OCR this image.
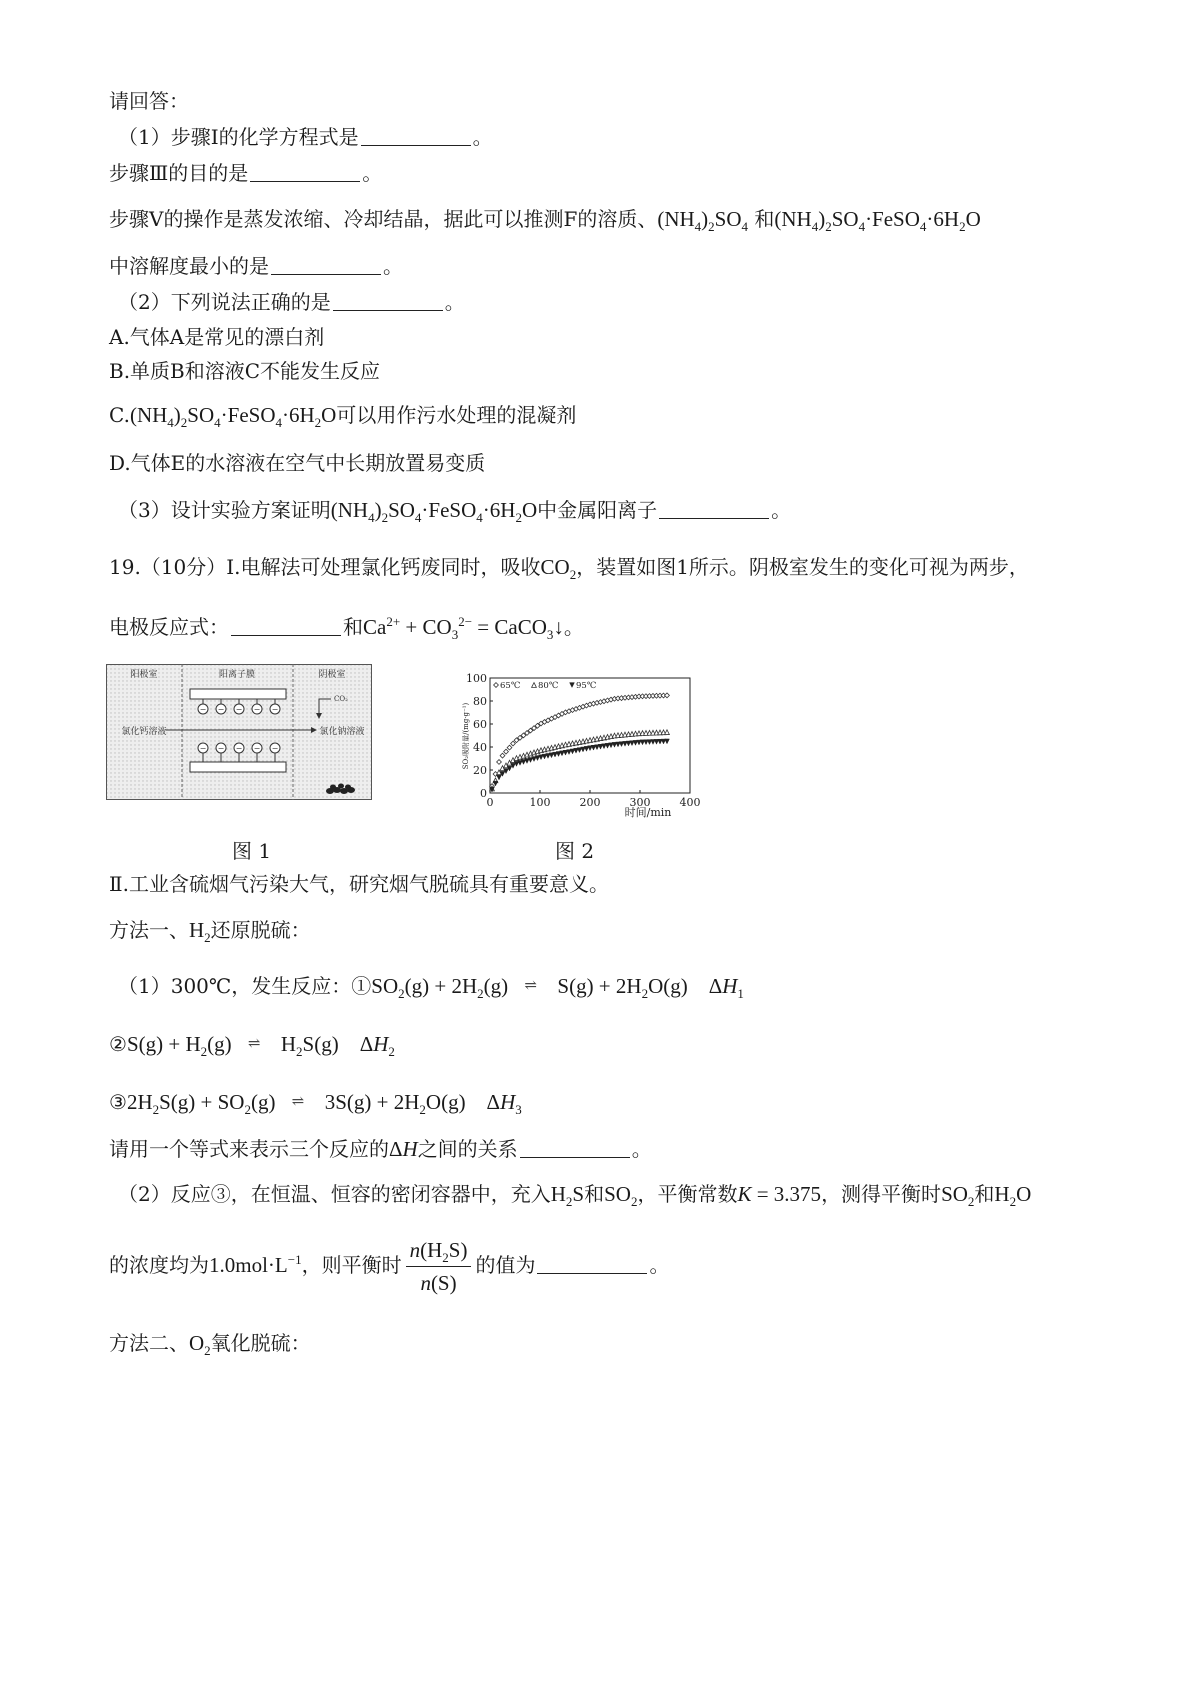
请回答：
（1）步骤Ⅰ的化学方程式是	。
步骤Ⅲ的目的是	。
步骤Ⅴ的操作是蒸发浓缩、冷却结晶，据此可以推测F的溶质、$(NH_4)_2SO_4$ 和$(NH_4)_2SO_4\cdot FeSO_4\cdot 6H_2O$
中溶解度最小的是	。
（2）下列说法正确的是	。
A.气体A是常见的漂白剂
B.单质B和溶液C不能发生反应
$C.(NH_4)_2SO_4\cdot FeSO_4\cdot 6H_2O$可以用作污水处理的混凝剂
D.气体E的水溶液在空气中长期放置易变质
（3）设计实验方案证明$(NH_4)_2SO_4\cdot FeSO_4\cdot 6H_2O$中金属阳离子	。
19.（10分）Ⅰ.电解法可处理氯化钙废同时，吸收$CO_2$，装置如图1所示。阴极室发生的变化可视为两步，
电极反应式：	和$Ca^{2+} + CO_3^{2-}$ = CaCO$_3$↓。
阳极室	阳离子膜	阴极室
− − − − −
− − − − −
氯化钙溶液	氯化钠溶液
CO₂
0
20
40
60
80
100
0	100	200	300	400
65℃ 80℃ 95℃
SO₂吸附量/(mg·g⁻¹)
时间/min
图 1	图 2
Ⅱ.工业含硫烟气污染大气，研究烟气脱硫具有重要意义。
方法一、$H_2$还原脱硫：
（1）300℃，发生反应：$①SO_2(g) + 2H_2(g)$ ⇌ $S(g) + 2H_2O(g)$    $\Delta H_1$
②S(g) + $H_2(g)$ ⇌ $H_2S(g)$    $\Delta H_2$
$③2H_2S(g) + SO_2(g)$ ⇌ $3S(g) + 2H_2O(g)$    $\Delta H_3$
请用一个等式来表示三个反应的ΔH之间的关系	。
（2）反应③，在恒温、恒容的密闭容器中，充入$H_2S$和$SO_2$，平衡常数K = 3.375，测得平衡时$SO_2$和$H_2O$
的浓度均为$1.0mol\cdot L^{-1}$，则平衡时 $\frac{n(H_2S)}{n(S)}$ 的值为	。
方法二、$O_2$氧化脱硫：
